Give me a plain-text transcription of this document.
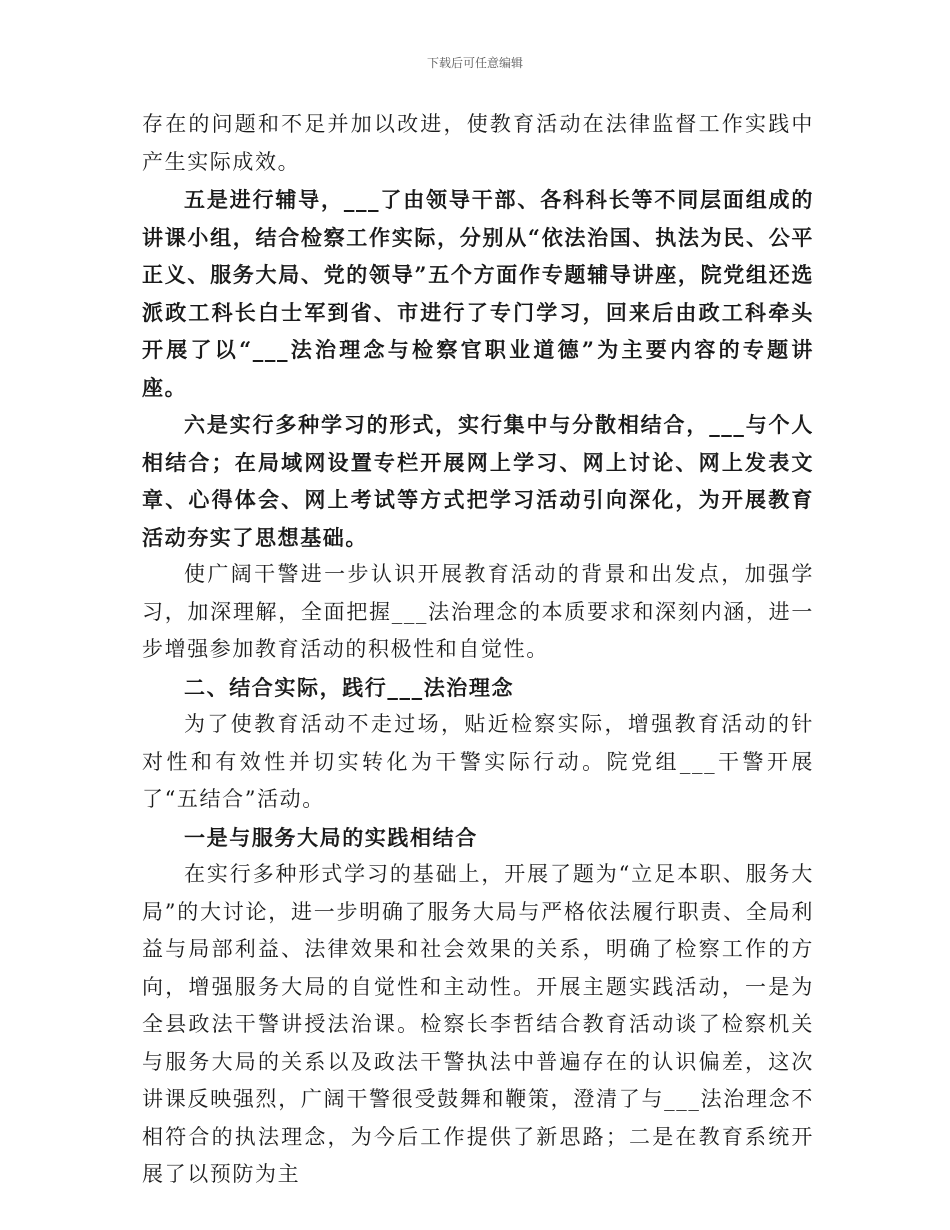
下载后可任意编辑

存在的问题和不足并加以改进，使教育活动在法律监督工作实践中产生实际成效。

五是进行辅导，___了由领导干部、各科科长等不同层面组成的讲课小组，结合检察工作实际，分别从“依法治国、执法为民、公平正义、服务大局、党的领导”五个方面作专题辅导讲座，院党组还选派政工科长白士军到省、市进行了专门学习，回来后由政工科牵头开展了以“___法治理念与检察官职业道德”为主要内容的专题讲座。

六是实行多种学习的形式，实行集中与分散相结合，___与个人相结合；在局域网设置专栏开展网上学习、网上讨论、网上发表文章、心得体会、网上考试等方式把学习活动引向深化，为开展教育活动夯实了思想基础。

使广阔干警进一步认识开展教育活动的背景和出发点，加强学习，加深理解，全面把握___法治理念的本质要求和深刻内涵，进一步增强参加教育活动的积极性和自觉性。

二、结合实际，践行___法治理念

为了使教育活动不走过场，贴近检察实际，增强教育活动的针对性和有效性并切实转化为干警实际行动。院党组___干警开展了“五结合”活动。

一是与服务大局的实践相结合

在实行多种形式学习的基础上，开展了题为“立足本职、服务大局”的大讨论，进一步明确了服务大局与严格依法履行职责、全局利益与局部利益、法律效果和社会效果的关系，明确了检察工作的方向，增强服务大局的自觉性和主动性。开展主题实践活动，一是为全县政法干警讲授法治课。检察长李哲结合教育活动谈了检察机关与服务大局的关系以及政法干警执法中普遍存在的认识偏差，这次讲课反映强烈，广阔干警很受鼓舞和鞭策，澄清了与___法治理念不相符合的执法理念，为今后工作提供了新思路；二是在教育系统开展了以预防为主
